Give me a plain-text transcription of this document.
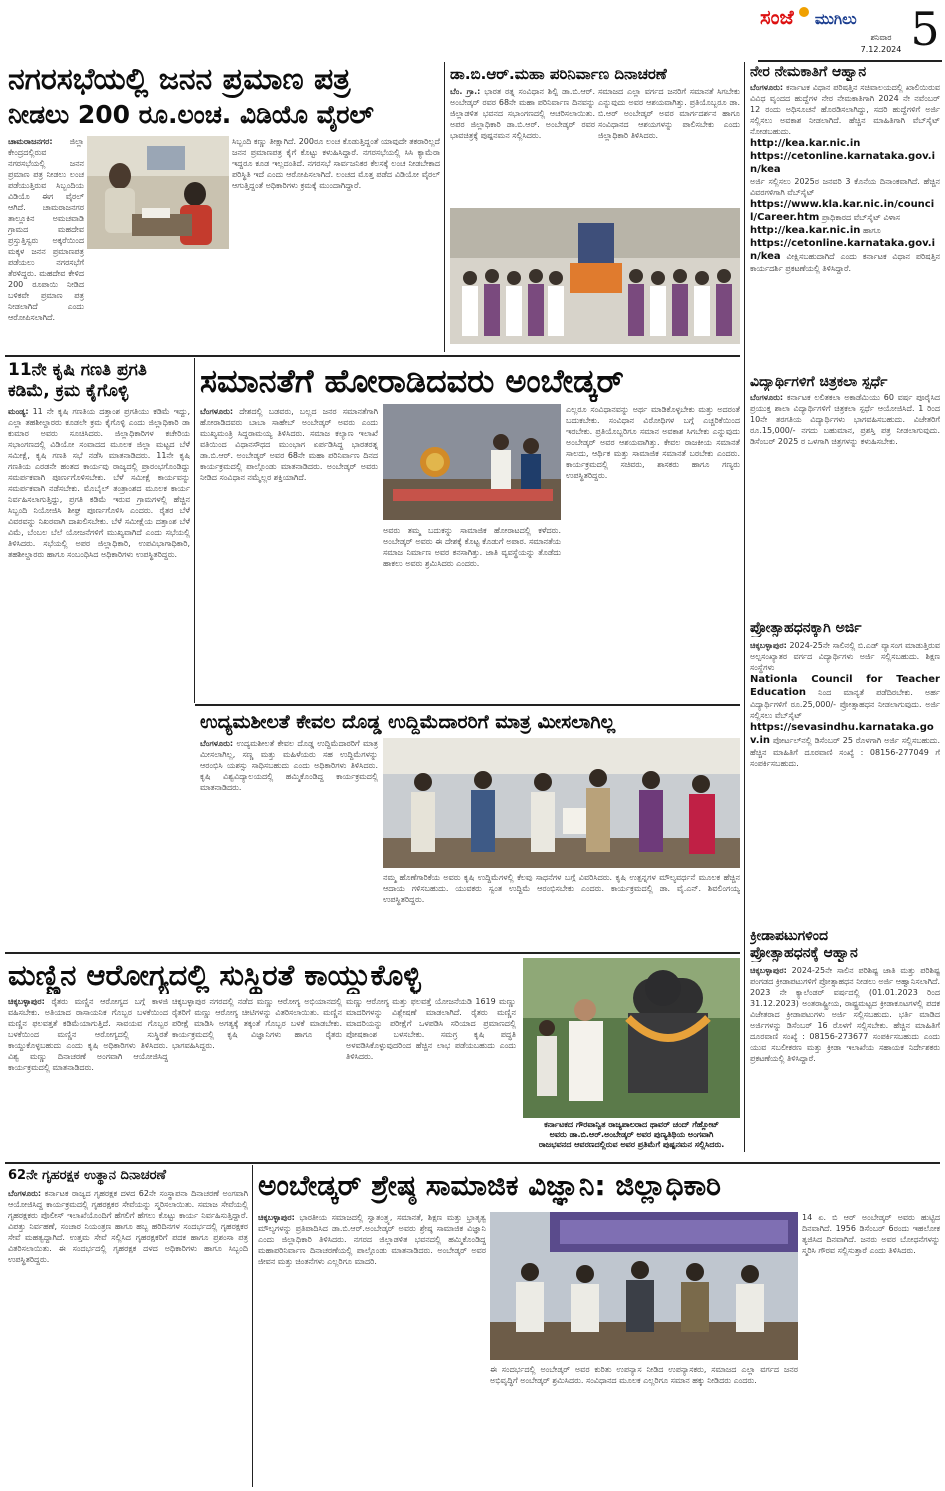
ಸಂಜೆ ಮುಗಿಲು
ಶನಿವಾರ
7.12.2024 5
ನಗರಸಭೆಯಲ್ಲಿ ಜನನ ಪ್ರಮಾಣ ಪತ್ರ
ನೀಡಲು 200 ರೂ.ಲಂಚ. ವಿಡಿಯೊ ವೈರಲ್
ಚಾಮರಾಜನಗರ: ಜಿಲ್ಲಾ ಕೇಂದ್ರದಲ್ಲಿರುವ ನಗರಸಭೆಯಲ್ಲಿ ಜನನ ಪ್ರಮಾಣ ಪತ್ರ ನೀಡಲು ಲಂಚ ಪಡೆಯುತ್ತಿರುವ ಸಿಬ್ಬಂದಿಯ ವಿಡಿಯೊ ಈಗ ವೈರಲ್ ಆಗಿದೆ. ಚಾಮರಾಜನಗರ ತಾಲ್ಲೂಕಿನ ಅಮಚವಾಡಿ ಗ್ರಾಮದ ಮಹದೇವ ಪ್ರಸ್ತುತ್ತಿಸ್ವರು ಅಕ್ಕರೆಯಿಂದ ಮಕ್ಕಳ ಜನನ ಪ್ರಮಾಣಪತ್ರ ಪಡೆಯಲು ನಗರಸಭೆಗೆ ತೆರಳಿದ್ದರು. ಮಹದೇವ ಕೇಳಿದ 200 ರೂಪಾಯಿ ನೀಡಿದ ಬಳಿಕವೇ ಪ್ರಮಾಣ ಪತ್ರ ನೀಡಲಾಗಿದೆ ಎಂದು ಆರೋಪಿಸಲಾಗಿದೆ.
ಸಿಬ್ಬಂದಿ ಕಣ್ಣು ತೀಕ್ಷಾಗಿದೆ. 200ರೂ ಲಂಚ ಕೊಡುತ್ತಿದ್ದಂತೆ ಯಾವುದೇ ತಕರಾರಿಲ್ಲದೆ ಜನನ ಪ್ರಮಾಣಪತ್ರ ಕೈಗೆ ಕೊಟ್ಟು ಕಳುಹಿಸಿದ್ದಾರೆ. ನಗರಸಭೆಯಲ್ಲಿ ಸಿಸಿ ಕ್ಯಾಮೆರಾ ಇದ್ದರೂ ಕೂಡ ಇಲ್ಲದಂತಿದೆ. ನಗರಸಭೆ ಸಾರ್ವಜನಿಕರ ಕೆಲಸಕ್ಕೆ ಲಂಚ ನೀಡಬೇಕಾದ ಪರಿಸ್ಥಿತಿ ಇದೆ ಎಂದು ಆರೋಪಿಸಲಾಗಿದೆ. ಲಂಚದ ಮೊತ್ತ ಪಡೆದ ವಿಡಿಯೋ ವೈರಲ್ ಆಗುತ್ತಿದ್ದಂತೆ ಅಧಿಕಾರಿಗಳು ಕ್ರಮಕ್ಕೆ ಮುಂದಾಗಿದ್ದಾರೆ.
ಡಾ.ಬಿ.ಆರ್.ಮಹಾ ಪರಿನಿರ್ವಾಣ ದಿನಾಚರಣೆ
ಬೆಂ. ಗ್ರಾ.: ಭಾರತ ರತ್ನ ಸಂವಿಧಾನ ಶಿಲ್ಪಿ ಡಾ.ಬಿ.ಆರ್. ಅಂಬೇಡ್ಕರ್ ರವರ 68ನೇ ಮಹಾ ಪರಿನಿರ್ವಾಣ ದಿನವನ್ನು ಜಿಲ್ಲಾಡಳಿತ ಭವನದ ಸಭಾಂಗಣದಲ್ಲಿ ಆಚರಿಸಲಾಯಿತು. ಅಪರ ಜಿಲ್ಲಾಧಿಕಾರಿ ಡಾ.ಬಿ.ಆರ್. ಅಂಬೇಡ್ಕರ್ ರವರ ಭಾವಚಿತ್ರಕ್ಕೆ ಪುಷ್ಪನಮನ ಸಲ್ಲಿಸಿದರು.
ಸಮಾಜದ ಎಲ್ಲಾ ವರ್ಗದ ಜನರಿಗೆ ಸಮಾನತೆ ಸಿಗಬೇಕು ಎನ್ನುವುದು ಅವರ ಆಶಯವಾಗಿತ್ತು. ಪ್ರತಿಯೊಬ್ಬರೂ ಡಾ. ಬಿ.ಆರ್ ಅಂಬೇಡ್ಕರ್ ಅವರ ಮಾರ್ಗದರ್ಶನ ಹಾಗೂ ಸಂವಿಧಾನದ ಆಶಯಗಳನ್ನು ಪಾಲಿಸಬೇಕು ಎಂದು ಜಿಲ್ಲಾಧಿಕಾರಿ ತಿಳಿಸಿದರು.
ನೇರ ನೇಮಕಾತಿಗೆ ಆಹ್ವಾನ
ಬೆಂಗಳೂರು: ಕರ್ನಾಟಕ ವಿಧಾನ ಪರಿಷತ್ತಿನ ಸಚಿವಾಲಯದಲ್ಲಿ ಖಾಲಿಯಿರುವ ವಿವಿಧ ವೃಂದದ ಹುದ್ದೆಗಳ ನೇರ ನೇಮಕಾತಿಗಾಗಿ 2024 ನೇ ನವೆಂಬರ್ 12 ರಂದು ಅಧಿಸೂಚನೆ ಹೊರಡಿಸಲಾಗಿದ್ದು, ಸದರಿ ಹುದ್ದೆಗಳಿಗೆ ಅರ್ಜಿ ಸಲ್ಲಿಸಲು ಅವಕಾಶ ನೀಡಲಾಗಿದೆ. ಹೆಚ್ಚಿನ ಮಾಹಿತಿಗಾಗಿ ವೆಬ್‌ಸೈಟ್ ನೋಡಬಹುದು.
http://kea.kar.nic.in
https://cetonline.karnataka.gov.in/kea
ಅರ್ಜಿ ಸಲ್ಲಿಸಲು 2025ರ ಜನವರಿ 3 ಕೊನೆಯ ದಿನಾಂಕವಾಗಿದೆ. ಹೆಚ್ಚಿನ ವಿವರಗಳಿಗಾಗಿ ವೆಬ್‌ಸೈಟ್
https://www.kla.kar.nic.in/council/Career.htm ಪ್ರಾಧಿಕಾರದ ವೆಬ್‌ಸೈಟ್ ವಿಳಾಸ
http://kea.kar.nic.in ಹಾಗೂ
https://cetonline.karnataka.gov.in/kea ವೀಕ್ಷಿಸಬಹುದಾಗಿದೆ ಎಂದು ಕರ್ನಾಟಕ ವಿಧಾನ ಪರಿಷತ್ತಿನ ಕಾರ್ಯದರ್ಶಿ ಪ್ರಕಟಣೆಯಲ್ಲಿ ತಿಳಿಸಿದ್ದಾರೆ.
ವಿದ್ಯಾರ್ಥಿಗಳಿಗೆ ಚಿತ್ರಕಲಾ ಸ್ಪರ್ಧೆ
ಬೆಂಗಳೂರು: ಕರ್ನಾಟಕ ಲಲಿತಕಲಾ ಅಕಾಡೆಮಿಯು 60 ವರ್ಷ ಪೂರೈಸಿದ ಪ್ರಯುಕ್ತ ಶಾಲಾ ವಿದ್ಯಾರ್ಥಿಗಳಿಗೆ ಚಿತ್ರಕಲಾ ಸ್ಪರ್ಧೆ ಆಯೋಜಿಸಿದೆ. 1 ರಿಂದ 10ನೇ ತರಗತಿಯ ವಿದ್ಯಾರ್ಥಿಗಳು ಭಾಗವಹಿಸಬಹುದು. ವಿಜೇತರಿಗೆ ರೂ.15,000/- ನಗದು ಬಹುಮಾನ, ಪ್ರಶಸ್ತಿ ಪತ್ರ ನೀಡಲಾಗುವುದು. ಡಿಸೆಂಬರ್ 2025 ರ ಒಳಗಾಗಿ ಚಿತ್ರಗಳನ್ನು ಕಳುಹಿಸಬೇಕು.
ಪ್ರೋತ್ಸಾಹಧನಕ್ಕಾಗಿ ಅರ್ಜಿ
ಚಿಕ್ಕಬಳ್ಳಾಪುರ: 2024-25ನೇ ಸಾಲಿನಲ್ಲಿ ಬಿ.ಎಡ್ ವ್ಯಾಸಂಗ ಮಾಡುತ್ತಿರುವ ಅಲ್ಪಸಂಖ್ಯಾತರ ವರ್ಗದ ವಿದ್ಯಾರ್ಥಿಗಳು ಅರ್ಜಿ ಸಲ್ಲಿಸಬಹುದು. ಶಿಕ್ಷಣ ಸಂಸ್ಥೆಗಳು
Nationla Council for Teacher Education ನಿಂದ ಮಾನ್ಯತೆ ಪಡೆದಿರಬೇಕು. ಅರ್ಹ ವಿದ್ಯಾರ್ಥಿಗಳಿಗೆ ರೂ.25,000/- ಪ್ರೋತ್ಸಾಹಧನ ನೀಡಲಾಗುವುದು. ಅರ್ಜಿ ಸಲ್ಲಿಸಲು ವೆಬ್‌ಸೈಟ್
https://sevasindhu.karnataka.gov.in ಪೋರ್ಟಲ್‌ನಲ್ಲಿ ಡಿಸೆಂಬರ್ 25 ರೊಳಗಾಗಿ ಅರ್ಜಿ ಸಲ್ಲಿಸಬಹುದು. ಹೆಚ್ಚಿನ ಮಾಹಿತಿಗೆ ದೂರವಾಣಿ ಸಂಖ್ಯೆ : 08156-277049 ಗೆ ಸಂಪರ್ಕಿಸಬಹುದು.
ಕ್ರೀಡಾಪಟುಗಳಿಂದ
ಪ್ರೋತ್ಸಾಹಧನಕ್ಕೆ ಆಹ್ವಾನ
ಚಿಕ್ಕಬಳ್ಳಾಪುರ: 2024-25ನೇ ಸಾಲಿನ ಪರಿಶಿಷ್ಟ ಜಾತಿ ಮತ್ತು ಪರಿಶಿಷ್ಟ ಪಂಗಡದ ಕ್ರೀಡಾಪಟುಗಳಿಗೆ ಪ್ರೋತ್ಸಾಹಧನ ನೀಡಲು ಅರ್ಜಿ ಆಹ್ವಾನಿಸಲಾಗಿದೆ. 2023 ನೇ ಕ್ಯಾಲೆಂಡರ್ ವರ್ಷದಲ್ಲಿ (01.01.2023 ರಿಂದ 31.12.2023) ಅಂತರಾಷ್ಟ್ರೀಯ, ರಾಷ್ಟ್ರಮಟ್ಟದ ಕ್ರೀಡಾಕೂಟಗಳಲ್ಲಿ ಪದಕ ವಿಜೇತರಾದ ಕ್ರೀಡಾಪಟುಗಳು ಅರ್ಜಿ ಸಲ್ಲಿಸಬಹುದು. ಭರ್ತಿ ಮಾಡಿದ ಅರ್ಜಿಗಳನ್ನು ಡಿಸೆಂಬರ್ 16 ರೊಳಗೆ ಸಲ್ಲಿಸಬೇಕು. ಹೆಚ್ಚಿನ ಮಾಹಿತಿಗೆ ದೂರವಾಣಿ ಸಂಖ್ಯೆ : 08156-273677 ಸಂಪರ್ಕಿಸಬಹುದು ಎಂದು ಯುವ ಸಬಲೀಕರಣ ಮತ್ತು ಕ್ರೀಡಾ ಇಲಾಖೆಯ ಸಹಾಯಕ ನಿರ್ದೇಶಕರು ಪ್ರಕಟಣೆಯಲ್ಲಿ ತಿಳಿಸಿದ್ದಾರೆ.
11ನೇ ಕೃಷಿ ಗಣತಿ ಪ್ರಗತಿ
ಕಡಿಮೆ, ಕ್ರಮ ಕೈಗೊಳ್ಳಿ
ಮಂಡ್ಯ: 11 ನೇ ಕೃಷಿ ಗಣತಿಯ ದತ್ತಾಂಶ ಪ್ರಗತಿಯು ಕಡಿಮೆ ಇದ್ದು, ಎಲ್ಲಾ ತಹಶೀಲ್ದಾರರು ಕೂಡಲೇ ಕ್ರಮ ಕೈಗೊಳ್ಳಿ ಎಂದು ಜಿಲ್ಲಾಧಿಕಾರಿ ಡಾ ಕುಮಾರ ಅವರು ಸೂಚಿಸಿದರು. ಜಿಲ್ಲಾಧಿಕಾರಿಗಳ ಕಚೇರಿಯ ಸಭಾಂಗಣದಲ್ಲಿ ವಿಡಿಯೋ ಸಂವಾದದ ಮೂಲಕ ಜಿಲ್ಲಾ ಮಟ್ಟದ ಬೆಳೆ ಸಮೀಕ್ಷೆ, ಕೃಷಿ ಗಣತಿ ಸಭೆ ನಡೆಸಿ ಮಾತನಾಡಿದರು. 11ನೇ ಕೃಷಿ ಗಣತಿಯ ಎರಡನೇ ಹಂತದ ಕಾರ್ಯವು ರಾಜ್ಯದಲ್ಲಿ ಪ್ರಾರಂಭಗೊಂಡಿದ್ದು ಸಮರ್ಪಕವಾಗಿ ಪೂರ್ಣಗೊಳಿಸಬೇಕು. ಬೆಳೆ ಸಮೀಕ್ಷೆ ಕಾರ್ಯವನ್ನು ಸಮರ್ಪಕವಾಗಿ ನಡೆಸಬೇಕು. ಮೊಬೈಲ್ ತಂತ್ರಾಂಶದ ಮೂಲಕ ಕಾರ್ಯ ನಿರ್ವಹಿಸಲಾಗುತ್ತಿದ್ದು, ಪ್ರಗತಿ ಕಡಿಮೆ ಇರುವ ಗ್ರಾಮಗಳಲ್ಲಿ ಹೆಚ್ಚಿನ ಸಿಬ್ಬಂದಿ ನಿಯೋಜಿಸಿ ಶೀಘ್ರ ಪೂರ್ಣಗೊಳಿಸಿ ಎಂದರು. ರೈತರ ಬೆಳೆ ವಿವರವನ್ನು ನಿಖರವಾಗಿ ದಾಖಲಿಸಬೇಕು. ಬೆಳೆ ಸಮೀಕ್ಷೆಯ ದತ್ತಾಂಶ ಬೆಳೆ ವಿಮೆ, ಬೆಂಬಲ ಬೆಲೆ ಯೋಜನೆಗಳಿಗೆ ಮುಖ್ಯವಾಗಿದೆ ಎಂದು ಸಭೆಯಲ್ಲಿ ತಿಳಿಸಿದರು. ಸಭೆಯಲ್ಲಿ ಅಪರ ಜಿಲ್ಲಾಧಿಕಾರಿ, ಉಪವಿಭಾಗಾಧಿಕಾರಿ, ತಹಶೀಲ್ದಾರರು ಹಾಗೂ ಸಂಬಂಧಿಸಿದ ಅಧಿಕಾರಿಗಳು ಉಪಸ್ಥಿತರಿದ್ದರು.
ಸಮಾನತೆಗೆ ಹೋರಾಡಿದವರು ಅಂಬೇಡ್ಕರ್
ಬೆಂಗಳೂರು: ದೇಶದಲ್ಲಿ ಬಡವರು, ಬಲ್ಲದ ಜನರ ಸಮಾನತೆಗಾಗಿ ಹೋರಾಡಿದವರು ಬಾಬಾ ಸಾಹೇಬ್ ಅಂಬೇಡ್ಕರ್ ಅವರು ಎಂದು ಮುಖ್ಯಮಂತ್ರಿ ಸಿದ್ದರಾಮಯ್ಯ ತಿಳಿಸಿದರು. ಸಮಾಜ ಕಲ್ಯಾಣ ಇಲಾಖೆ ವತಿಯಿಂದ ವಿಧಾನಸೌಧದ ಮುಂಭಾಗ ಏರ್ಪಡಿಸಿದ್ದ ಭಾರತರತ್ನ ಡಾ.ಬಿ.ಆರ್. ಅಂಬೇಡ್ಕರ್ ಅವರ 68ನೇ ಮಹಾ ಪರಿನಿರ್ವಾಣ ದಿನದ ಕಾರ್ಯಕ್ರಮದಲ್ಲಿ ಪಾಲ್ಗೊಂಡು ಮಾತನಾಡಿದರು. ಅಂಬೇಡ್ಕರ್ ಅವರು ನೀಡಿದ ಸಂವಿಧಾನ ನಮ್ಮೆಲ್ಲರ ಶಕ್ತಿಯಾಗಿದೆ.
ಅವರು ತಮ್ಮ ಬದುಕನ್ನು ಸಾಮಾಜಿಕ ಹೋರಾಟದಲ್ಲಿ ಕಳೆದರು. ಅಂಬೇಡ್ಕರ್ ಅವರು ಈ ದೇಶಕ್ಕೆ ಕೊಟ್ಟ ಕೊಡುಗೆ ಅಪಾರ. ಸಮಾನತೆಯ ಸಮಾಜ ನಿರ್ಮಾಣ ಅವರ ಕನಸಾಗಿತ್ತು. ಜಾತಿ ವ್ಯವಸ್ಥೆಯನ್ನು ತೊಡೆದು ಹಾಕಲು ಅವರು ಶ್ರಮಿಸಿದರು ಎಂದರು.
ಎಲ್ಲರೂ ಸಂವಿಧಾನವನ್ನು ಅರ್ಥ ಮಾಡಿಕೊಳ್ಳಬೇಕು ಮತ್ತು ಅದರಂತೆ ಬದುಕಬೇಕು. ಸಂವಿಧಾನ ವಿರೋಧಿಗಳ ಬಗ್ಗೆ ಎಚ್ಚರಿಕೆಯಿಂದ ಇರಬೇಕು. ಪ್ರತಿಯೊಬ್ಬರಿಗೂ ಸಮಾನ ಅವಕಾಶ ಸಿಗಬೇಕು ಎನ್ನುವುದು ಅಂಬೇಡ್ಕರ್ ಅವರ ಆಶಯವಾಗಿತ್ತು. ಕೇವಲ ರಾಜಕೀಯ ಸಮಾನತೆ ಸಾಲದು, ಆರ್ಥಿಕ ಮತ್ತು ಸಾಮಾಜಿಕ ಸಮಾನತೆ ಬರಬೇಕು ಎಂದರು. ಕಾರ್ಯಕ್ರಮದಲ್ಲಿ ಸಚಿವರು, ಶಾಸಕರು ಹಾಗೂ ಗಣ್ಯರು ಉಪಸ್ಥಿತರಿದ್ದರು.
ಉದ್ಯಮಶೀಲತೆ ಕೇವಲ ದೊಡ್ಡ ಉದ್ದಿಮೆದಾರರಿಗೆ ಮಾತ್ರ ಮೀಸಲಾಗಿಲ್ಲ
ಬೆಂಗಳೂರು: ಉದ್ಯಮಶೀಲತೆ ಕೇವಲ ದೊಡ್ಡ ಉದ್ದಿಮೆದಾರರಿಗೆ ಮಾತ್ರ ಮೀಸಲಾಗಿಲ್ಲ, ಸಣ್ಣ ಮತ್ತು ಮಹಿಳೆಯರು ಸಹ ಉದ್ದಿಮೆಗಳನ್ನು ಆರಂಭಿಸಿ ಯಶಸ್ಸು ಸಾಧಿಸಬಹುದು ಎಂದು ಅಧಿಕಾರಿಗಳು ತಿಳಿಸಿದರು. ಕೃಷಿ ವಿಶ್ವವಿದ್ಯಾಲಯದಲ್ಲಿ ಹಮ್ಮಿಕೊಂಡಿದ್ದ ಕಾರ್ಯಕ್ರಮದಲ್ಲಿ ಮಾತನಾಡಿದರು.
ನಮ್ಮ ಹೊಣೆಗಾರಿಕೆಯ ಅವರು ಕೃಷಿ ಉದ್ದಿಮೆಗಳಲ್ಲಿ ಕೆಲವು ಸಾಧನೆಗಳ ಬಗ್ಗೆ ವಿವರಿಸಿದರು. ಕೃಷಿ ಉತ್ಪನ್ನಗಳ ಮೌಲ್ಯವರ್ಧನೆ ಮೂಲಕ ಹೆಚ್ಚಿನ ಆದಾಯ ಗಳಿಸಬಹುದು. ಯುವಕರು ಸ್ವಂತ ಉದ್ದಿಮೆ ಆರಂಭಿಸಬೇಕು ಎಂದರು. ಕಾರ್ಯಕ್ರಮದಲ್ಲಿ ಡಾ. ವೈ.ಎನ್. ಶಿವಲಿಂಗಯ್ಯ ಉಪಸ್ಥಿತರಿದ್ದರು.
ಮಣ್ಣಿನ ಆರೋಗ್ಯದಲ್ಲಿ ಸುಸ್ಥಿರತೆ ಕಾಯ್ದುಕೊಳ್ಳಿ
ಚಿಕ್ಕಬಳ್ಳಾಪುರ: ರೈತರು ಮಣ್ಣಿನ ಆರೋಗ್ಯದ ಬಗ್ಗೆ ಕಾಳಜಿ ವಹಿಸಬೇಕು. ಅತಿಯಾದ ರಾಸಾಯನಿಕ ಗೊಬ್ಬರ ಬಳಕೆಯಿಂದ ಮಣ್ಣಿನ ಫಲವತ್ತತೆ ಕಡಿಮೆಯಾಗುತ್ತಿದೆ. ಸಾವಯವ ಗೊಬ್ಬರ ಬಳಕೆಯಿಂದ ಮಣ್ಣಿನ ಆರೋಗ್ಯದಲ್ಲಿ ಸುಸ್ಥಿರತೆ ಕಾಯ್ದುಕೊಳ್ಳಬಹುದು ಎಂದು ಕೃಷಿ ಅಧಿಕಾರಿಗಳು ತಿಳಿಸಿದರು. ವಿಶ್ವ ಮಣ್ಣು ದಿನಾಚರಣೆ ಅಂಗವಾಗಿ ಆಯೋಜಿಸಿದ್ದ ಕಾರ್ಯಕ್ರಮದಲ್ಲಿ ಮಾತನಾಡಿದರು.
ಚಿಕ್ಕಬಳ್ಳಾಪುರ ನಗರದಲ್ಲಿ ನಡೆದ ಮಣ್ಣು ಆರೋಗ್ಯ ಅಭಿಯಾನದಲ್ಲಿ ರೈತರಿಗೆ ಮಣ್ಣು ಆರೋಗ್ಯ ಚೀಟಿಗಳನ್ನು ವಿತರಿಸಲಾಯಿತು. ಮಣ್ಣಿನ ಪರೀಕ್ಷೆ ಮಾಡಿಸಿ ಅಗತ್ಯಕ್ಕೆ ತಕ್ಕಂತೆ ಗೊಬ್ಬರ ಬಳಕೆ ಮಾಡಬೇಕು. ಕಾರ್ಯಕ್ರಮದಲ್ಲಿ ಕೃಷಿ ವಿಜ್ಞಾನಿಗಳು ಹಾಗೂ ರೈತರು ಭಾಗವಹಿಸಿದ್ದರು.
ಮಣ್ಣು ಆರೋಗ್ಯ ಮತ್ತು ಫಲವತ್ತೆ ಯೋಜನೆಯಡಿ 1619 ಮಣ್ಣು ಮಾದರಿಗಳನ್ನು ವಿಶ್ಲೇಷಣೆ ಮಾಡಲಾಗಿದೆ. ರೈತರು ಮಣ್ಣಿನ ಮಾದರಿಯನ್ನು ಪರೀಕ್ಷೆಗೆ ಒಳಪಡಿಸಿ ಸರಿಯಾದ ಪ್ರಮಾಣದಲ್ಲಿ ಪೋಷಕಾಂಶ ಬಳಸಬೇಕು. ಸಮಗ್ರ ಕೃಷಿ ಪದ್ಧತಿ ಅಳವಡಿಸಿಕೊಳ್ಳುವುದರಿಂದ ಹೆಚ್ಚಿನ ಲಾಭ ಪಡೆಯಬಹುದು ಎಂದು ತಿಳಿಸಿದರು.
ಕರ್ನಾಟಕದ ಗೌರವಾನ್ವಿತ ರಾಜ್ಯಪಾಲರಾದ ಥಾವರ್ ಚಂದ್ ಗೆಹ್ಲೋಟ್
ಅವರು ಡಾ.ಬಿ.ಆರ್.ಅಂಬೇಡ್ಕರ್ ಅವರ ಪುಣ್ಯತಿಥಿಯ ಅಂಗವಾಗಿ
ರಾಜಭವನದ ಆವರಣದಲ್ಲಿರುವ ಅವರ ಪ್ರತಿಮೆಗೆ ಪುಷ್ಪನಮನ ಸಲ್ಲಿಸಿದರು.
62ನೇ ಗೃಹರಕ್ಷಕ ಉತ್ಥಾನ ದಿನಾಚರಣೆ
ಬೆಂಗಳೂರು: ಕರ್ನಾಟಕ ರಾಜ್ಯದ ಗೃಹರಕ್ಷಕ ದಳದ 62ನೇ ಸಂಸ್ಥಾಪನಾ ದಿನಾಚರಣೆ ಅಂಗವಾಗಿ ಆಯೋಜಿಸಿದ್ದ ಕಾರ್ಯಕ್ರಮದಲ್ಲಿ ಗೃಹರಕ್ಷಕರ ಸೇವೆಯನ್ನು ಸ್ಮರಿಸಲಾಯಿತು. ಸಮಾಜ ಸೇವೆಯಲ್ಲಿ ಗೃಹರಕ್ಷಕರು ಪೊಲೀಸ್ ಇಲಾಖೆಯೊಂದಿಗೆ ಹೆಗಲಿಗೆ ಹೆಗಲು ಕೊಟ್ಟು ಕಾರ್ಯ ನಿರ್ವಹಿಸುತ್ತಿದ್ದಾರೆ. ವಿಪತ್ತು ನಿರ್ವಹಣೆ, ಸಂಚಾರ ನಿಯಂತ್ರಣ ಹಾಗೂ ಹಬ್ಬ ಹರಿದಿನಗಳ ಸಂದರ್ಭದಲ್ಲಿ ಗೃಹರಕ್ಷಕರ ಸೇವೆ ಮಹತ್ವದ್ದಾಗಿದೆ. ಉತ್ತಮ ಸೇವೆ ಸಲ್ಲಿಸಿದ ಗೃಹರಕ್ಷಕರಿಗೆ ಪದಕ ಹಾಗೂ ಪ್ರಶಂಸಾ ಪತ್ರ ವಿತರಿಸಲಾಯಿತು. ಈ ಸಂದರ್ಭದಲ್ಲಿ ಗೃಹರಕ್ಷಕ ದಳದ ಅಧಿಕಾರಿಗಳು ಹಾಗೂ ಸಿಬ್ಬಂದಿ ಉಪಸ್ಥಿತರಿದ್ದರು.
ಅಂಬೇಡ್ಕರ್ ಶ್ರೇಷ್ಠ ಸಾಮಾಜಿಕ ವಿಜ್ಞಾನಿ: ಜಿಲ್ಲಾಧಿಕಾರಿ
ಚಿಕ್ಕಬಳ್ಳಾಪುರ: ಭಾರತೀಯ ಸಮಾಜದಲ್ಲಿ ಸ್ವಾತಂತ್ರ್ಯ, ಸಮಾನತೆ, ಶಿಕ್ಷಣ ಮತ್ತು ಭ್ರಾತೃತ್ವ ಮೌಲ್ಯಗಳನ್ನು ಪ್ರತಿಪಾದಿಸಿದ ಡಾ.ಬಿ.ಆರ್.ಅಂಬೇಡ್ಕರ್ ಅವರು ಶ್ರೇಷ್ಠ ಸಾಮಾಜಿಕ ವಿಜ್ಞಾನಿ ಎಂದು ಜಿಲ್ಲಾಧಿಕಾರಿ ತಿಳಿಸಿದರು. ನಗರದ ಜಿಲ್ಲಾಡಳಿತ ಭವನದಲ್ಲಿ ಹಮ್ಮಿಕೊಂಡಿದ್ದ ಮಹಾಪರಿನಿರ್ವಾಣ ದಿನಾಚರಣೆಯಲ್ಲಿ ಪಾಲ್ಗೊಂಡು ಮಾತನಾಡಿದರು. ಅಂಬೇಡ್ಕರ್ ಅವರ ಜೀವನ ಮತ್ತು ಚಿಂತನೆಗಳು ಎಲ್ಲರಿಗೂ ಮಾದರಿ.
ಈ ಸಂದರ್ಭದಲ್ಲಿ ಅಂಬೇಡ್ಕರ್ ಅವರ ಕುರಿತು ಉಪನ್ಯಾಸ ನೀಡಿದ ಉಪನ್ಯಾಸಕರು, ಸಮಾಜದ ಎಲ್ಲಾ ವರ್ಗದ ಜನರ ಅಭಿವೃದ್ಧಿಗೆ ಅಂಬೇಡ್ಕರ್ ಶ್ರಮಿಸಿದರು. ಸಂವಿಧಾನದ ಮೂಲಕ ಎಲ್ಲರಿಗೂ ಸಮಾನ ಹಕ್ಕು ನೀಡಿದರು ಎಂದರು.
14 ಏ. ಬಿ ಆರ್ ಅಂಬೇಡ್ಕರ್ ಅವರು ಹುಟ್ಟಿದ ದಿನವಾಗಿದೆ. 1956 ಡಿಸೆಂಬರ್ 6ರಂದು ಇಹಲೋಕ ತ್ಯಜಿಸಿದ ದಿನವಾಗಿದೆ. ಜನರು ಅವರ ಬೋಧನೆಗಳನ್ನು ಸ್ಮರಿಸಿ ಗೌರವ ಸಲ್ಲಿಸುತ್ತಾರೆ ಎಂದು ತಿಳಿಸಿದರು.
